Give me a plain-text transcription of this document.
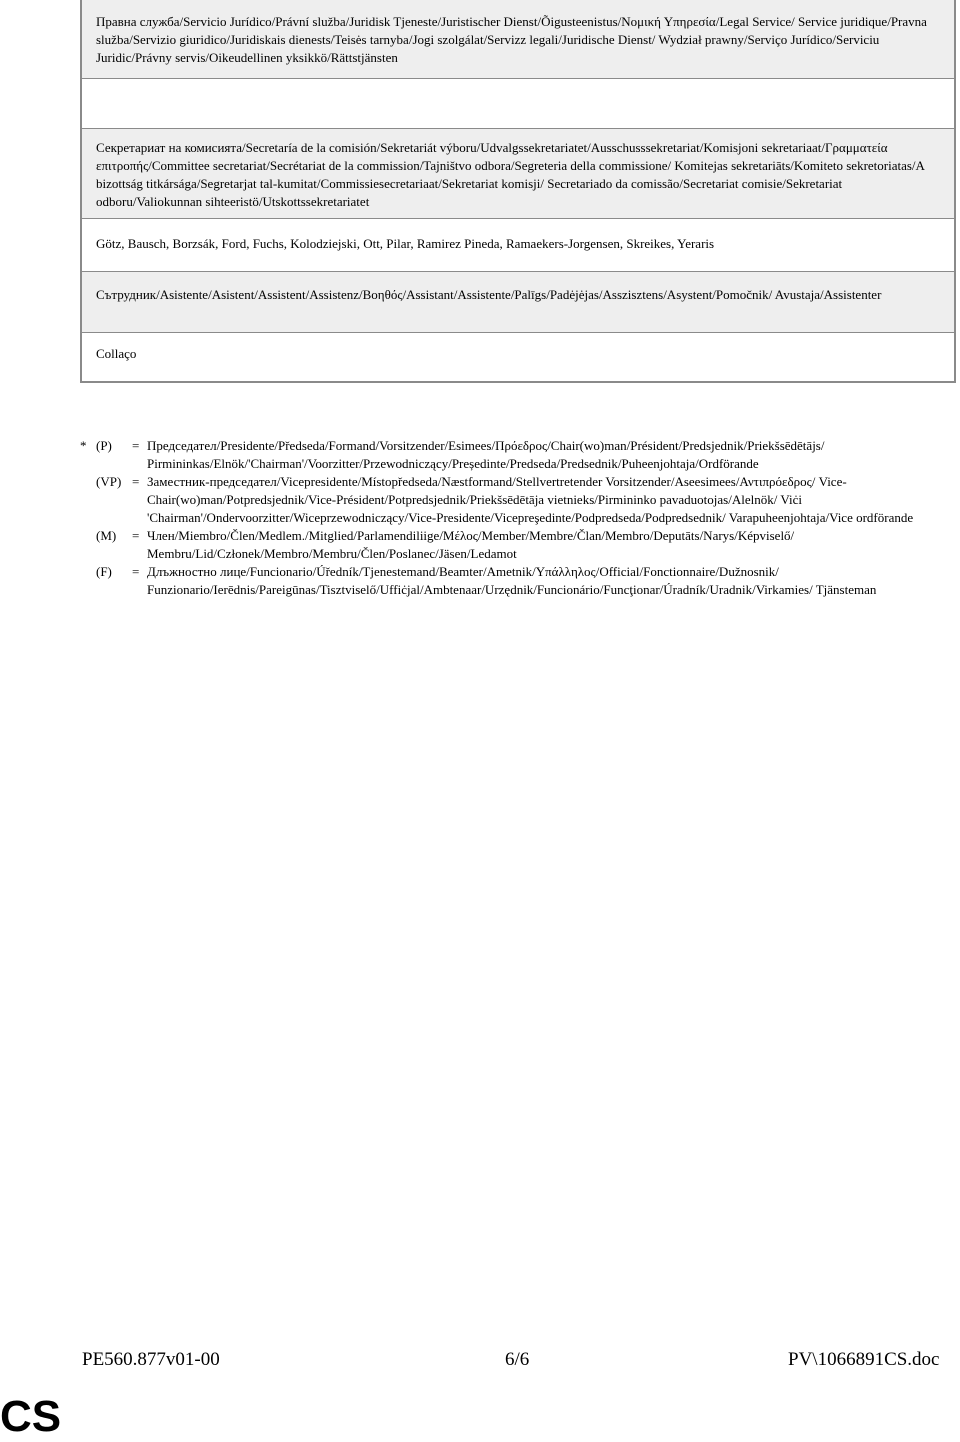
Правна служба/Servicio Jurídico/Právní služba/Juridisk Tjeneste/Juristischer Dienst/Õigusteenistus/Νομική Υπηρεσία/Legal Service/ Service juridique/Pravna služba/Servizio giuridico/Juridiskais dienests/Teisės tarnyba/Jogi szolgálat/Servizz legali/Juridische Dienst/ Wydział prawny/Serviço Jurídico/Serviciu Juridic/Právny servis/Oikeudellinen yksikkö/Rättstjänsten
Секретариат на комисията/Secretaría de la comisión/Sekretariát výboru/Udvalgssekretariatet/Ausschusssekretariat/Komisjoni sekretariaat/Γραμματεία επιτροπής/Committee secretariat/Secrétariat de la commission/Tajništvo odbora/Segreteria della commissione/ Komitejas sekretariāts/Komiteto sekretoriatas/A bizottság titkársága/Segretarjat tal-kumitat/Commissiesecretariaat/Sekretariat komisji/ Secretariado da comissão/Secretariat comisie/Sekretariat odboru/Valiokunnan sihteeristö/Utskottssekretariatet
Götz, Bausch, Borzsák, Ford, Fuchs, Kolodziejski, Ott, Pilar, Ramirez Pineda, Ramaekers-Jorgensen, Skreikes, Yeraris
Сътрудник/Asistente/Asistent/Assistent/Assistenz/Βοηθός/Assistant/Assistente/Palīgs/Padėjėjas/Asszisztens/Asystent/Pomočnik/ Avustaja/Assistenter
Collaço
* (P) = Председател/Presidente/Předseda/Formand/Vorsitzender/Esimees/Πρόεδρος/Chair(wo)man/Président/Predsjednik/Priekšsēdētājs/ Pirmininkas/Elnök/'Chairman'/Voorzitter/Przewodniczący/Președinte/Predseda/Predsednik/Puheenjohtaja/Ordförande
(VP) = Заместник-председател/Vicepresidente/Místopředseda/Næstformand/Stellvertretender Vorsitzender/Aseesimees/Αντιπρόεδρος/ Vice-Chair(wo)man/Potpredsjednik/Vice-Président/Potpredsjednik/Priekšsēdētāja vietnieks/Pirmininko pavaduotojas/Alelnök/ Viċi 'Chairman'/Ondervoorzitter/Wiceprzewodniczący/Vice-Presidente/Vicepreşedinte/Podpredseda/Podpredsednik/ Varapuheenjohtaja/Vice ordförande
(M) = Член/Miembro/Člen/Medlem./Mitglied/Parlamendiliige/Μέλος/Member/Membre/Član/Membro/Deputāts/Narys/Képviselő/ Membru/Lid/Członek/Membro/Membru/Člen/Poslanec/Jäsen/Ledamot
(F) = Длъжностно лице/Funcionario/Úředník/Tjenestemand/Beamter/Ametnik/Υπάλληλος/Official/Fonctionnaire/Dužnosnik/ Funzionario/Ierēdnis/Pareigūnas/Tisztviselő/Uffiċjal/Ambtenaar/Urzędnik/Funcionário/Funcţionar/Úradník/Uradnik/Virkamies/ Tjänsteman
PE560.877v01-00	6/6	PV\1066891CS.doc
CS
